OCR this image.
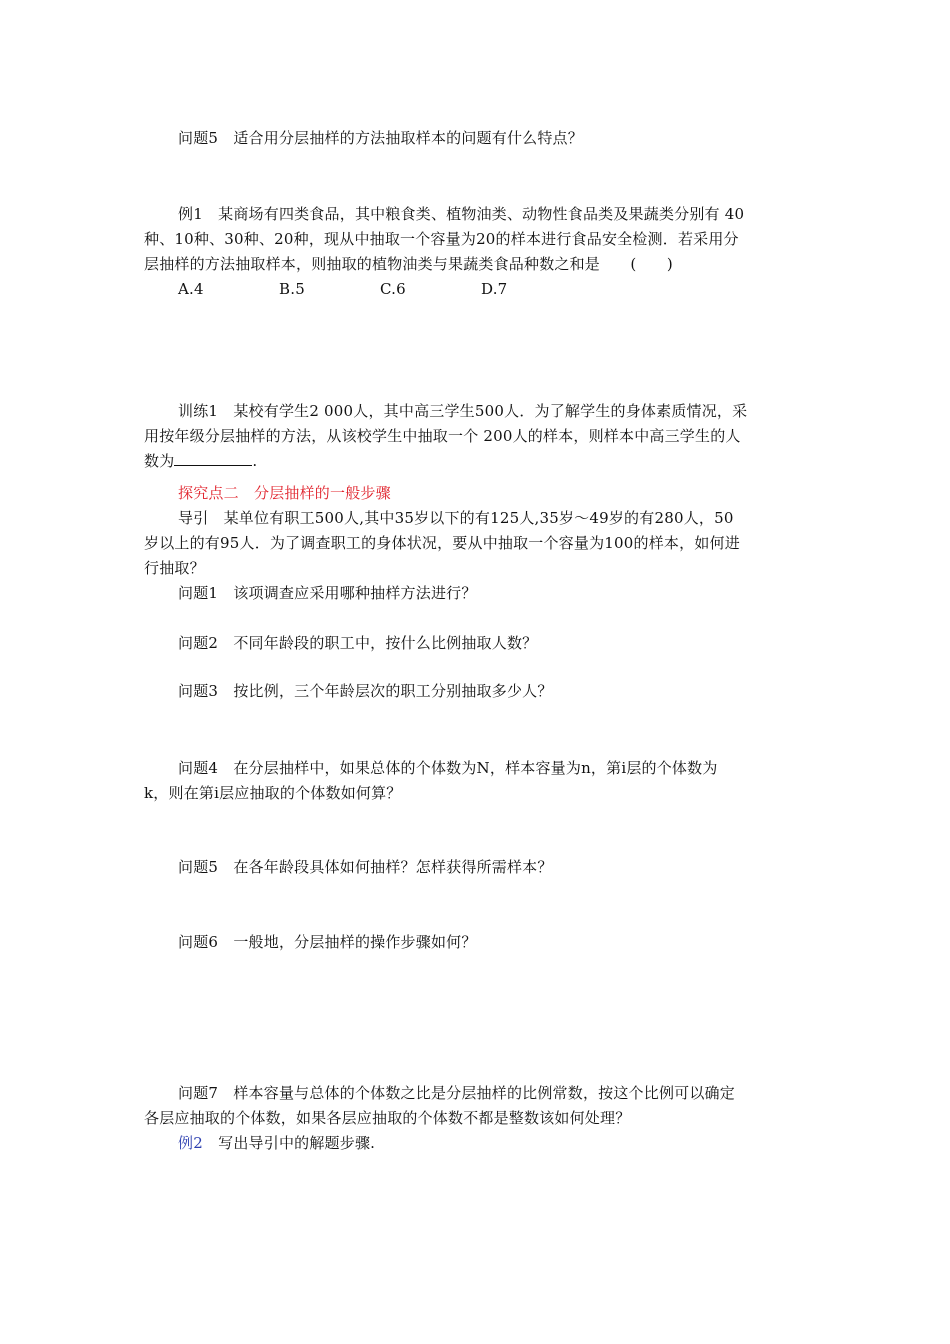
问题5　适合用分层抽样的方法抽取样本的问题有什么特点？
例1　某商场有四类食品，其中粮食类、植物油类、动物性食品类及果蔬类分别有 40
种、10种、30种、20种，现从中抽取一个容量为20的样本进行食品安全检测．若采用分
层抽样的方法抽取样本，则抽取的植物油类与果蔬类食品种数之和是　　(　　)
A.4	B.5	C.6	D.7
训练1　某校有学生2 000人，其中高三学生500人．为了解学生的身体素质情况，采
用按年级分层抽样的方法，从该校学生中抽取一个 200人的样本，则样本中高三学生的人
数为	.
探究点二　分层抽样的一般步骤
导引　某单位有职工500人,其中35岁以下的有125人,35岁～49岁的有280人，50
岁以上的有95人．为了调查职工的身体状况，要从中抽取一个容量为100的样本，如何进
行抽取？
问题1　该项调查应采用哪种抽样方法进行？
问题2　不同年龄段的职工中，按什么比例抽取人数？
问题3　按比例，三个年龄层次的职工分别抽取多少人？
问题4　在分层抽样中，如果总体的个体数为N，样本容量为n，第i层的个体数为
k，则在第i层应抽取的个体数如何算？
问题5　在各年龄段具体如何抽样？怎样获得所需样本？
问题6　一般地，分层抽样的操作步骤如何？
问题7　样本容量与总体的个体数之比是分层抽样的比例常数，按这个比例可以确定
各层应抽取的个体数，如果各层应抽取的个体数不都是整数该如何处理？
例2　 写出导引中的解题步骤.
